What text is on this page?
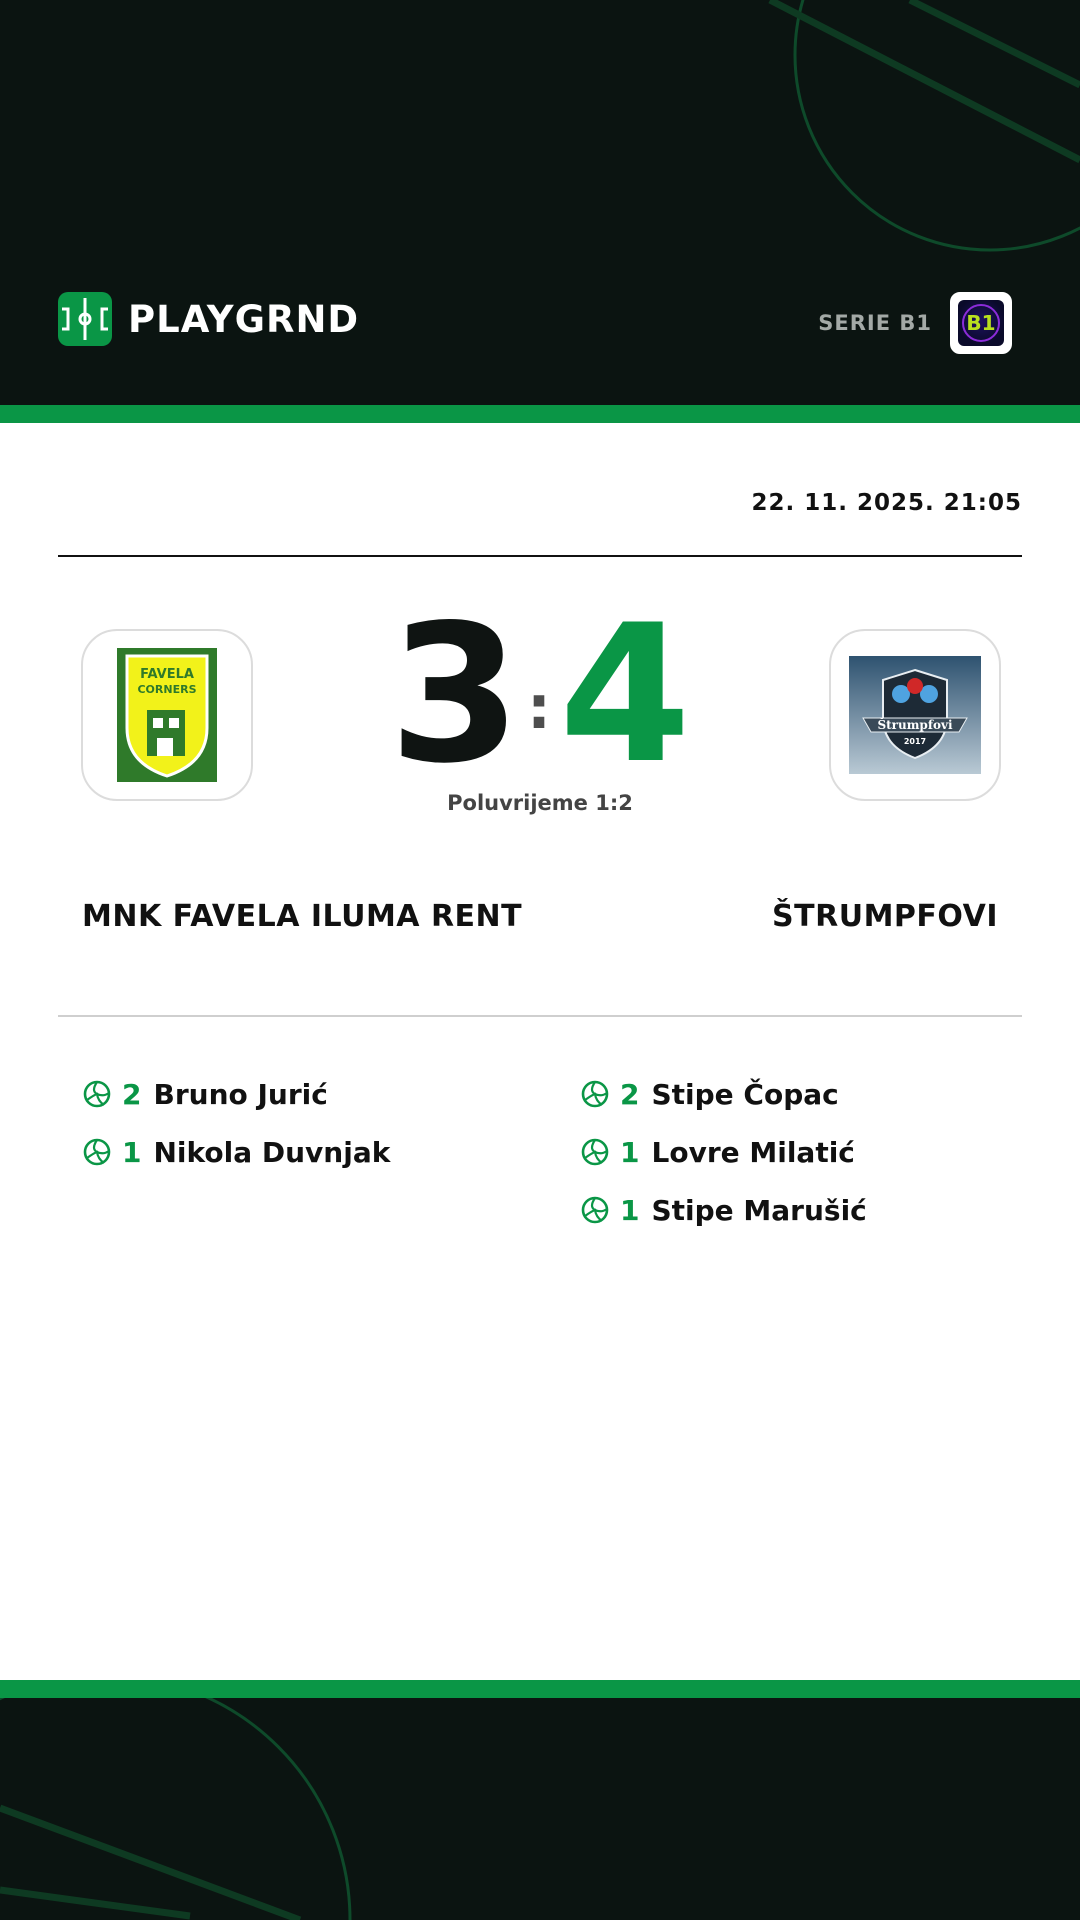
PLAYGRND	SERIE B1 B1
22. 11. 2025. 21:05
FAVELA
CORNERS 3 : 4	Štrumpfovi
2017
Poluvrijeme 1:2
MNK FAVELA ILUMA RENT	ŠTRUMPFOVI
2 Bruno Jurić
1 Nikola Duvnjak
2 Stipe Čopac
1 Lovre Milatić
1 Stipe Marušić
